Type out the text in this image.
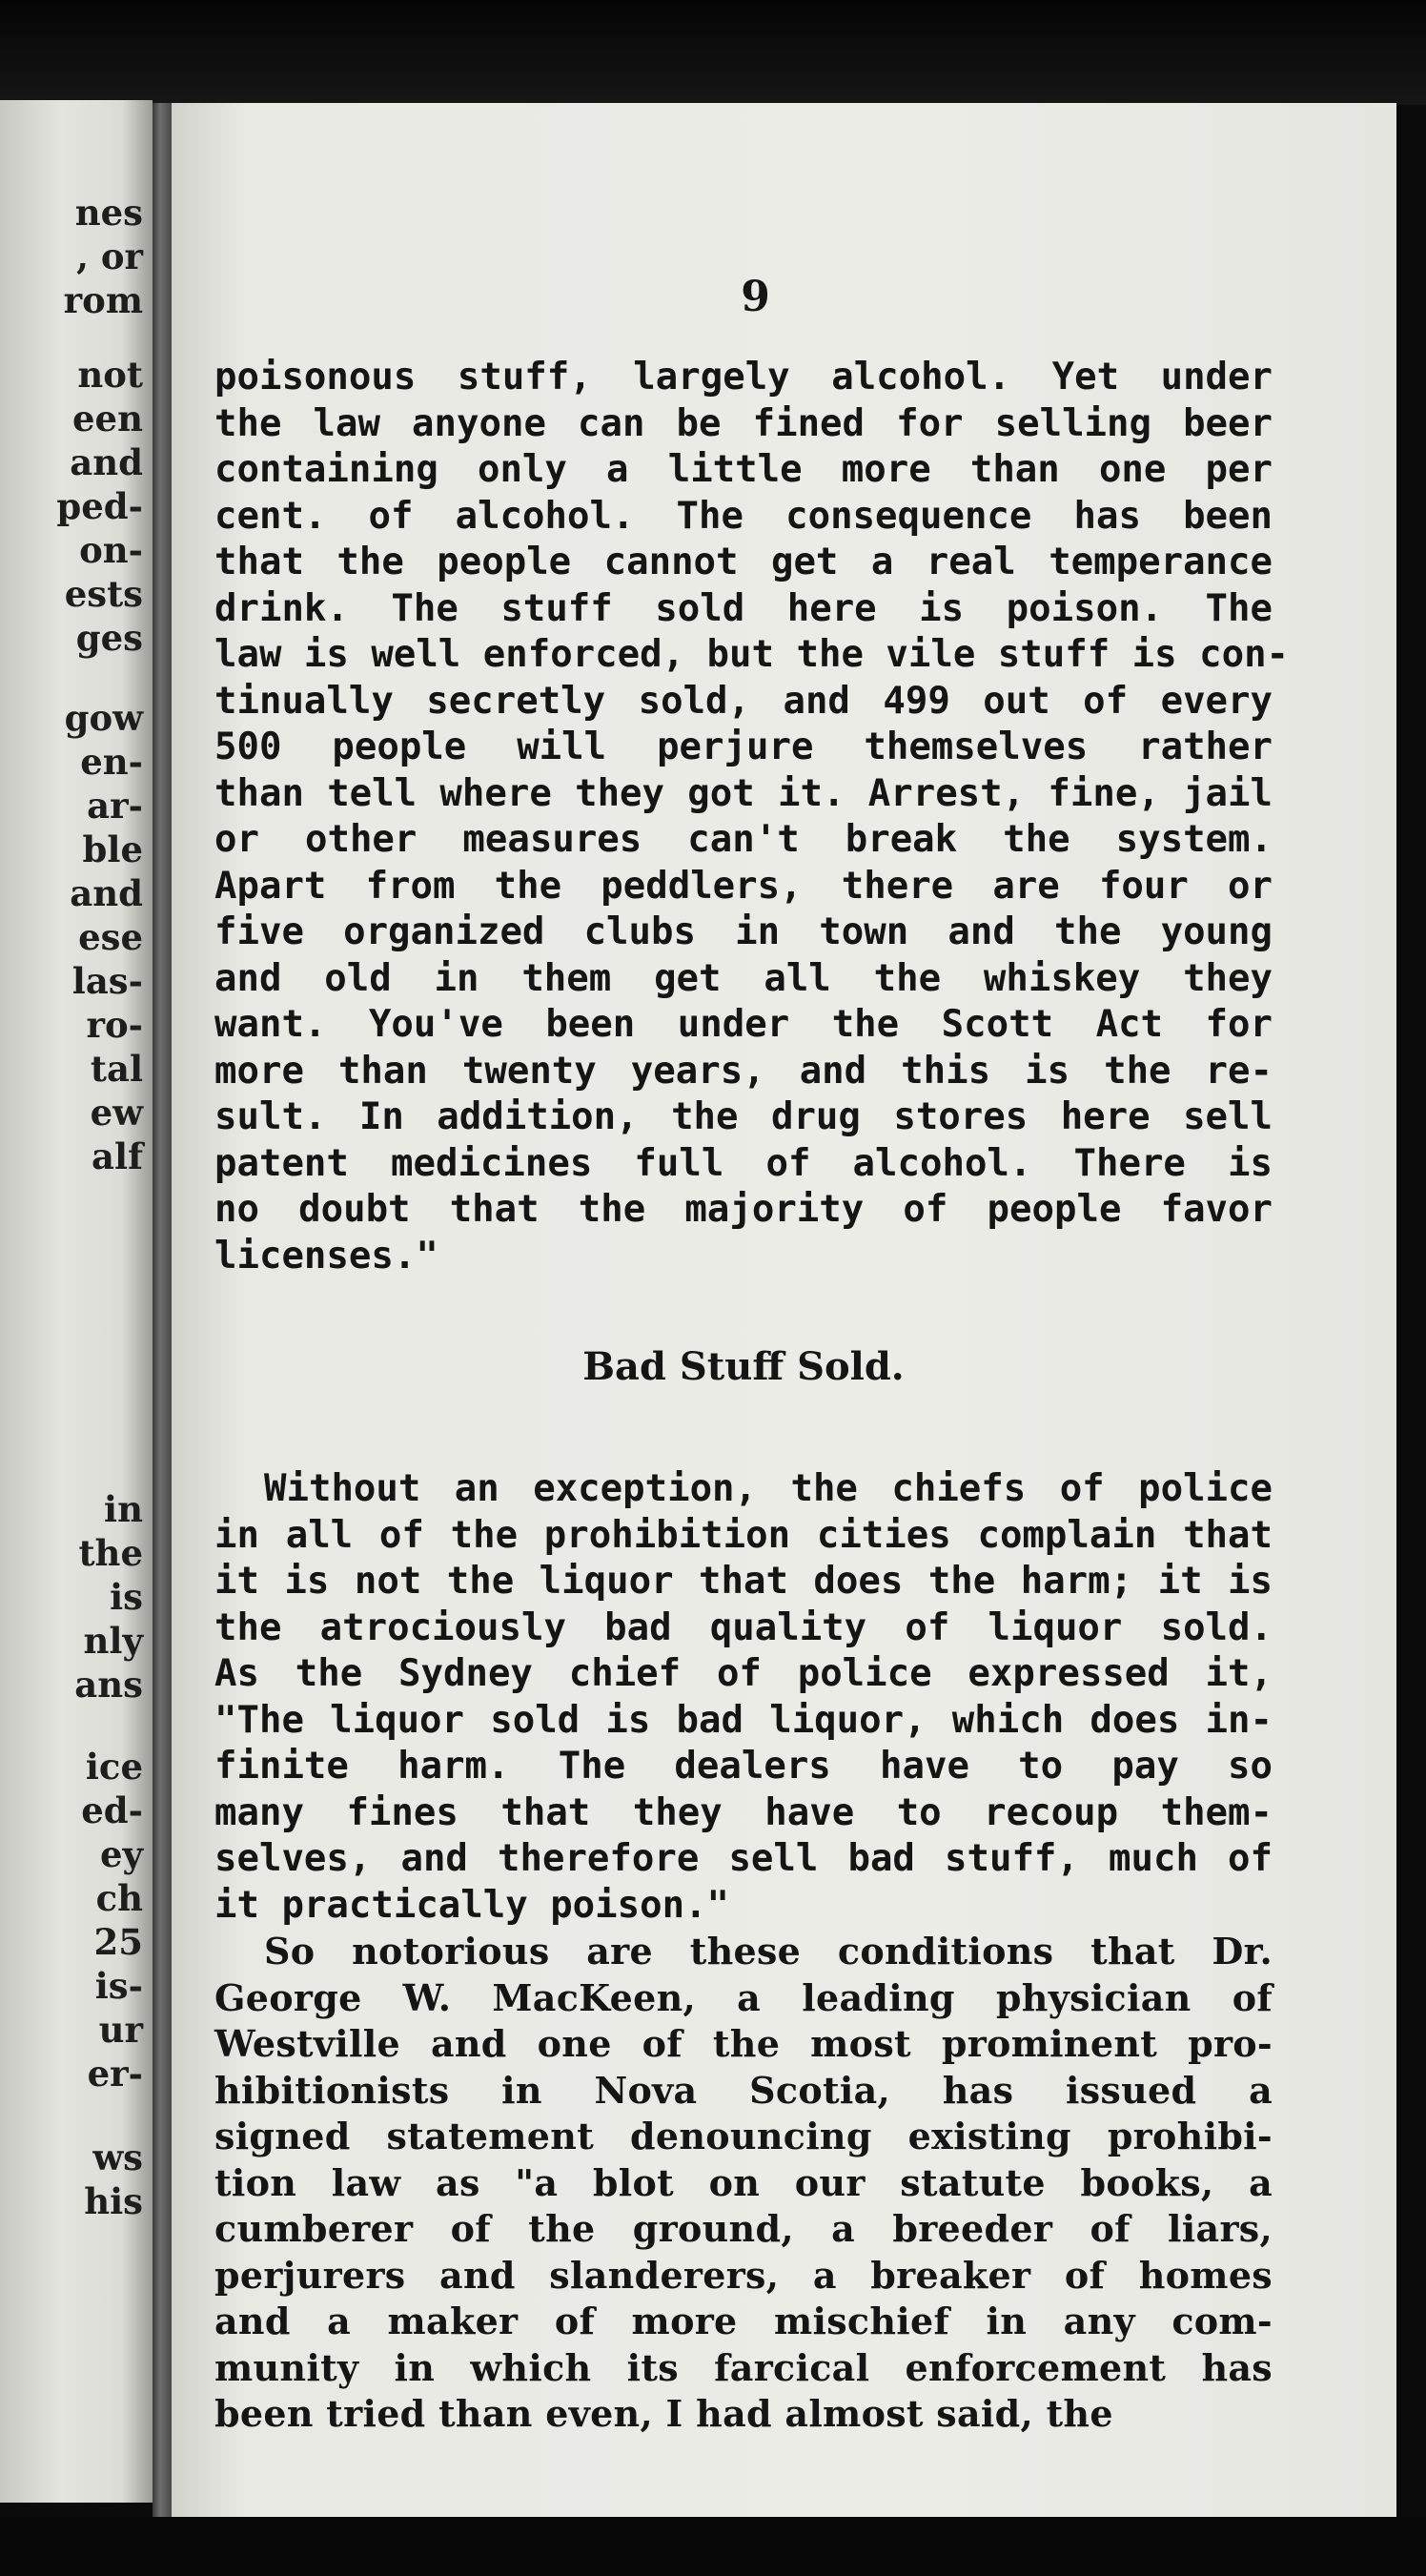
nes
, or
rom
not
een
and
ped-
on-
ests
ges
gow
en-
ar-
ble
and
ese
las-
ro-
tal
ew
alf
in
the
is
nly
ans
ice
ed-
ey
ch
25
is-
ur
er-
ws
his
9
poisonous stuff, largely alcohol. Yet under
the law anyone can be fined for selling beer
containing only a little more than one per
cent. of alcohol. The consequence has been
that the people cannot get a real temperance
drink. The stuff sold here is poison. The
law is well enforced, but the vile stuff is con-
tinually secretly sold, and 499 out of every
500 people will perjure themselves rather
than tell where they got it. Arrest, fine, jail
or other measures can't break the system.
Apart from the peddlers, there are four or
five organized clubs in town and the young
and old in them get all the whiskey they
want. You've been under the Scott Act for
more than twenty years, and this is the re-
sult. In addition, the drug stores here sell
patent medicines full of alcohol. There is
no doubt that the majority of people favor
licenses."
Bad Stuff Sold.
Without an exception, the chiefs of police
in all of the prohibition cities complain that
it is not the liquor that does the harm; it is
the atrociously bad quality of liquor sold.
As the Sydney chief of police expressed it,
"The liquor sold is bad liquor, which does in-
finite harm. The dealers have to pay so
many fines that they have to recoup them-
selves, and therefore sell bad stuff, much of
it practically poison."
So notorious are these conditions that Dr.
George W. MacKeen, a leading physician of
Westville and one of the most prominent pro-
hibitionists in Nova Scotia, has issued a
signed statement denouncing existing prohibi-
tion law as "a blot on our statute books, a
cumberer of the ground, a breeder of liars,
perjurers and slanderers, a breaker of homes
and a maker of more mischief in any com-
munity in which its farcical enforcement has
been tried than even, I had almost said, the
